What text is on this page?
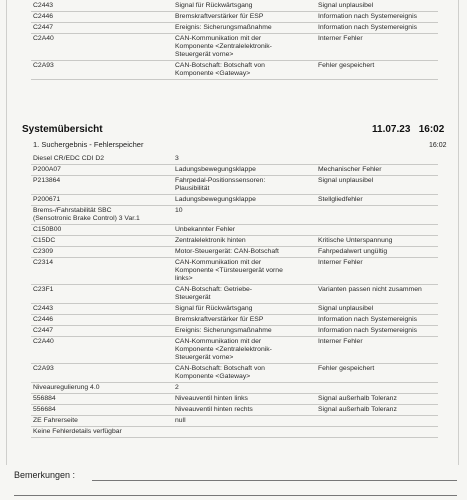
C2443	Signal für Rückwärtsgang	Signal unplausibel
C2446	Bremskraftverstärker für ESP	Information nach Systemereignis
C2447	Ereignis: Sicherungsmaßnahme	Information nach Systemereignis
C2A40	CAN-Kommunikation mit der
Komponente <Zentralelektronik-
Steuergerät vorne>	Interner Fehler
C2A93	CAN-Botschaft: Botschaft von
Komponente <Gateway>	Fehler gespeichert
Systemübersicht	11.07.23 16:02
1. Suchergebnis - Fehlerspeicher	16:02
Diesel CR/EDC CDI D2	3	
P200A07	Ladungsbewegungsklappe	Mechanischer Fehler
P213864	Fahrpedal-Positionssensoren:
Plausibilität	Signal unplausibel
P200671	Ladungsbewegungsklappe	Stellgliedfehler
Brems-/Fahrstabilität SBC
(Sensotronic Brake Control) 3 Var.1	10	
C150B00	Unbekannter Fehler	
C15DC	Zentralelektronik hinten	Kritische Unterspannung
C2309	Motor-Steuergerät: CAN-Botschaft	Fahrpedalwert ungültig
C2314	CAN-Kommunikation mit der
Komponente <Türsteuergerät vorne
links>	Interner Fehler
C23F1	CAN-Botschaft: Getriebe-
Steuergerät	Varianten passen nicht zusammen
C2443	Signal für Rückwärtsgang	Signal unplausibel
C2446	Bremskraftverstärker für ESP	Information nach Systemereignis
C2447	Ereignis: Sicherungsmaßnahme	Information nach Systemereignis
C2A40	CAN-Kommunikation mit der
Komponente <Zentralelektronik-
Steuergerät vorne>	Interner Fehler
C2A93	CAN-Botschaft: Botschaft von
Komponente <Gateway>	Fehler gespeichert
Niveauregulierung 4.0	2	
556884	Niveauventil hinten links	Signal außerhalb Toleranz
556684	Niveauventil hinten rechts	Signal außerhalb Toleranz
ZE Fahrerseite	null	
Keine Fehlerdetails verfügbar		
Bemerkungen :
